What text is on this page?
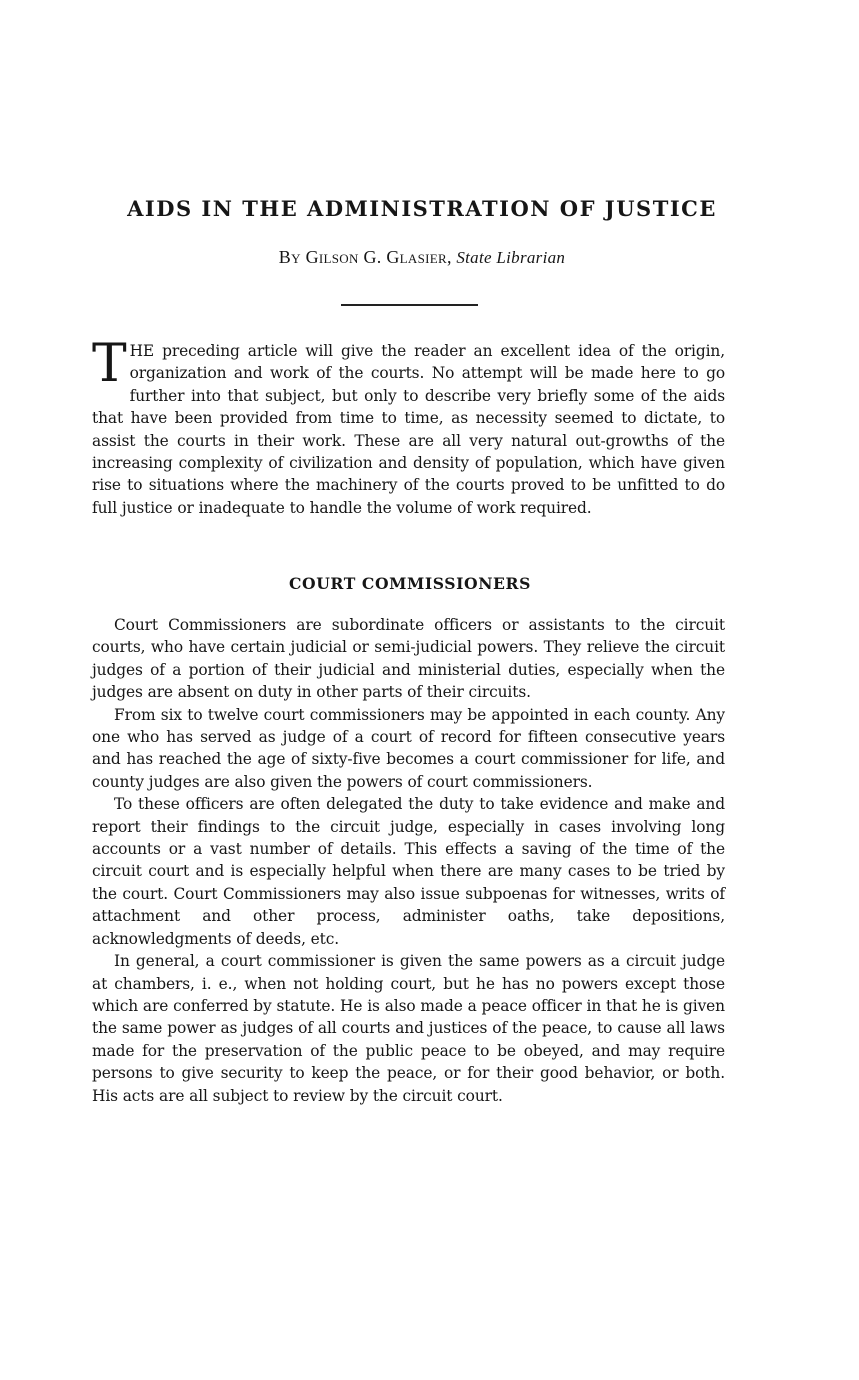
AIDS IN THE ADMINISTRATION OF JUSTICE
By Gilson G. Glasier, State Librarian

THE preceding article will give the reader an excellent idea of the origin, organization and work of the courts. No attempt will be made here to go further into that subject, but only to describe very briefly some of the aids that have been provided from time to time, as necessity seemed to dictate, to assist the courts in their work. These are all very natural out-growths of the increasing complexity of civilization and density of population, which have given rise to situations where the machinery of the courts proved to be unfitted to do full justice or inadequate to handle the volume of work required.

COURT COMMISSIONERS

Court Commissioners are subordinate officers or assistants to the circuit courts, who have certain judicial or semi-judicial powers. They relieve the circuit judges of a portion of their judicial and ministerial duties, especially when the judges are absent on duty in other parts of their circuits.

From six to twelve court commissioners may be appointed in each county. Any one who has served as judge of a court of record for fifteen consecutive years and has reached the age of sixty-five becomes a court commissioner for life, and county judges are also given the powers of court commissioners.

To these officers are often delegated the duty to take evidence and make and report their findings to the circuit judge, especially in cases involving long accounts or a vast number of details. This effects a saving of the time of the circuit court and is especially helpful when there are many cases to be tried by the court. Court Commissioners may also issue subpoenas for witnesses, writs of attachment and other process, administer oaths, take depositions, acknowledgments of deeds, etc.

In general, a court commissioner is given the same powers as a circuit judge at chambers, i. e., when not holding court, but he has no powers except those which are conferred by statute. He is also made a peace officer in that he is given the same power as judges of all courts and justices of the peace, to cause all laws made for the preservation of the public peace to be obeyed, and may require persons to give security to keep the peace, or for their good behavior, or both. His acts are all subject to review by the circuit court.
